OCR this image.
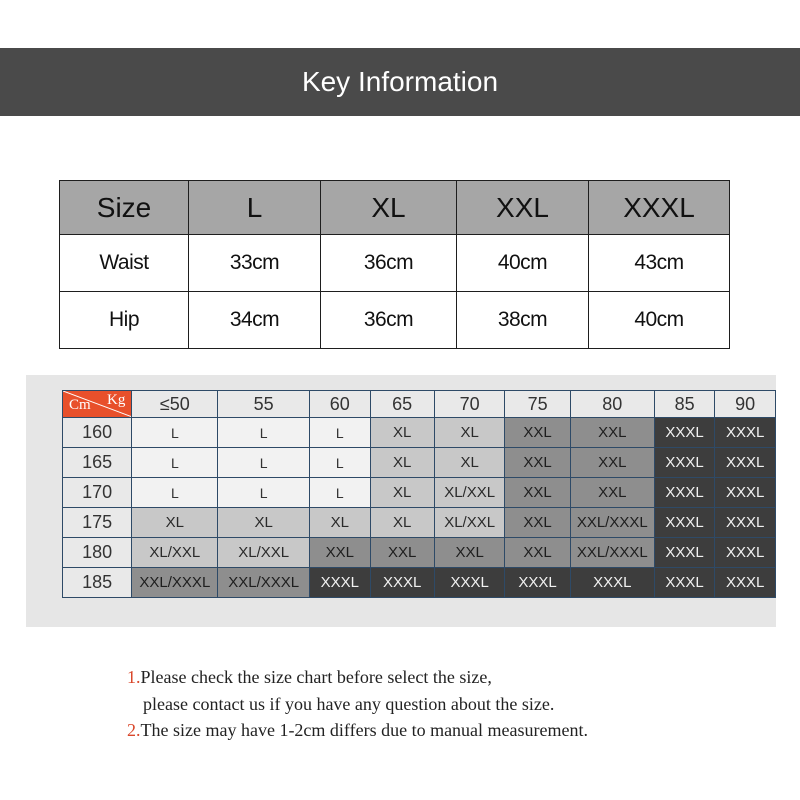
Key Information
Size	L	XL	XXL	XXXL
Waist	33cm	36cm	40cm	43cm
Hip	34cm	36cm	38cm	40cm
Cm Kg	≤50	55	60	65	70	75	80	85	90
160	L	L	L	XL	XL	XXL	XXL	XXXL	XXXL
165	L	L	L	XL	XL	XXL	XXL	XXXL	XXXL
170	L	L	L	XL	XL/XXL	XXL	XXL	XXXL	XXXL
175	XL	XL	XL	XL	XL/XXL	XXL	XXL/XXXL	XXXL	XXXL
180	XL/XXL	XL/XXL	XXL	XXL	XXL	XXL	XXL/XXXL	XXXL	XXXL
185	XXL/XXXL	XXL/XXXL	XXXL	XXXL	XXXL	XXXL	XXXL	XXXL	XXXL
1.Please check the size chart before select the size,
please contact us if you have any question about the size.
2.The size may have 1-2cm differs due to manual measurement.
